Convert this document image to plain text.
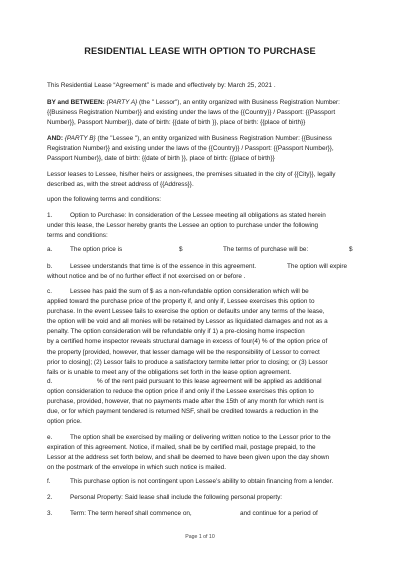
RESIDENTIAL LEASE WITH OPTION TO PURCHASE
This Residential Lease “Agreement” is made and effectively by: March 25, 2021 .
BY and BETWEEN: {PARTY A} (the " Lessor"), an entity organized with Business Registration Number:
{{Business Registration Number}} and existing under the laws of the {{Country}} / Passport: {{Passport
Number}}, Passport Number}}, date of birth: {{date of birth }}, place of birth: {{place of birth}}
AND: {PARTY B} (the "Lessee "), an entity organized with Business Registration Number: {{Business
Registration Number}} and existing under the laws of the {{Country}} / Passport: {{Passport Number}},
Passport Number}}, date of birth: {{date of birth }}, place of birth: {{place of birth}}
Lessor leases to Lessee, his/her heirs or assignees, the premises situated in the city of {{City}}, legally
described as, with the street address of {{Address}}.
upon the following terms and conditions:
1.	Option to Purchase: In consideration of the Lessee meeting all obligations as stated herein
under this lease, the Lessor hereby grants the Lessee an option to purchase under the following
terms and conditions:
a.	The option price is	$	The terms of purchase will be:	$
b.	Lessee understands that time is of the essence in this agreement.	The option will expire
without notice and be of no further effect if not exercised on or before .
c.	Lessee has paid the sum of $ as a non-refundable option consideration which will be
applied toward the purchase price of the property if, and only if, Lessee exercises this option to
purchase. In the event Lessee fails to exercise the option or defaults under any terms of the lease,
the option will be void and all monies will be retained by Lessor as liquidated damages and not as a
penalty. The option consideration will be refundable only if 1) a pre-closing home inspection
by a certified home inspector reveals structural damage in excess of four(4) % of the option price of
the property [provided, however, that lesser damage will be the responsibility of Lessor to correct
prior to closing]; (2) Lessor fails to produce a satisfactory termite letter prior to closing; or (3) Lessor
fails or is unable to meet any of the obligations set forth in the lease option agreement.
d.	% of the rent paid pursuant to this lease agreement will be applied as additional
option consideration to reduce the option price if and only if the Lessee exercises this option to
purchase, provided, however, that no payments made after the 15th of any month for which rent is
due, or for which payment tendered is returned NSF, shall be credited towards a reduction in the
option price.
e.	The option shall be exercised by mailing or delivering written notice to the Lessor prior to the
expiration of this agreement. Notice, if mailed, shall be by certified mail, postage prepaid, to the
Lessor at the address set forth below, and shall be deemed to have been given upon the day shown
on the postmark of the envelope in which such notice is mailed.
f.	This purchase option is not contingent upon Lessee’s ability to obtain financing from a lender.
2.	Personal Property: Said lease shall include the following personal property:
3.	Term: The term hereof shall commence on,	and continue for a period of
Page 1 of 10
